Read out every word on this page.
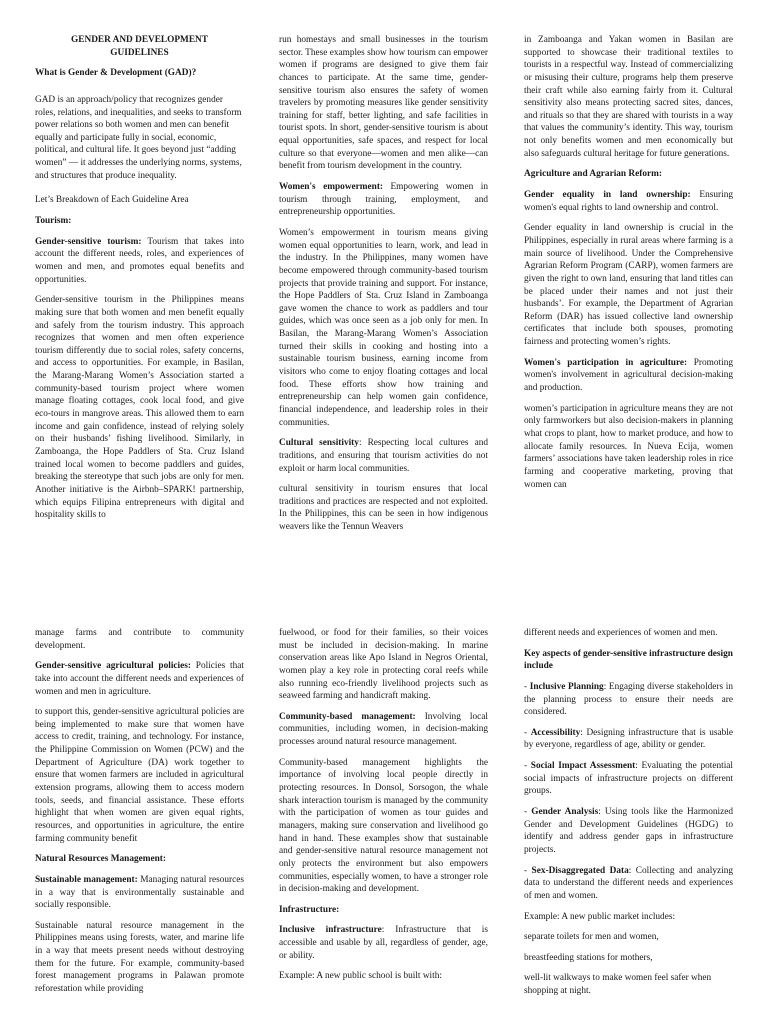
GENDER AND DEVELOPMENT
GUIDELINES

What is Gender & Development (GAD)?

GAD is an approach/policy that recognizes gender roles, relations, and inequalities, and seeks to transform power relations so both women and men can benefit equally and participate fully in social, economic, political, and cultural life. It goes beyond just “adding women” — it addresses the underlying norms, systems, and structures that produce inequality.

Let’s Breakdown of Each Guideline Area

Tourism:

Gender-sensitive tourism: Tourism that takes into account the different needs, roles, and experiences of women and men, and promotes equal benefits and opportunities.

Gender-sensitive tourism in the Philippines means making sure that both women and men benefit equally and safely from the tourism industry. This approach recognizes that women and men often experience tourism differently due to social roles, safety concerns, and access to opportunities. For example, in Basilan, the Marang-Marang Women’s Association started a community-based tourism project where women manage floating cottages, cook local food, and give eco-tours in mangrove areas. This allowed them to earn income and gain confidence, instead of relying solely on their husbands’ fishing livelihood. Similarly, in Zamboanga, the Hope Paddlers of Sta. Cruz Island trained local women to become paddlers and guides, breaking the stereotype that such jobs are only for men. Another initiative is the Airbnb–SPARK! partnership, which equips Filipina entrepreneurs with digital and hospitality skills to

run homestays and small businesses in the tourism sector. These examples show how tourism can empower women if programs are designed to give them fair chances to participate. At the same time, gender-sensitive tourism also ensures the safety of women travelers by promoting measures like gender sensitivity training for staff, better lighting, and safe facilities in tourist spots. In short, gender-sensitive tourism is about equal opportunities, safe spaces, and respect for local culture so that everyone—women and men alike—can benefit from tourism development in the country.

Women's empowerment: Empowering women in tourism through training, employment, and entrepreneurship opportunities.

Women’s empowerment in tourism means giving women equal opportunities to learn, work, and lead in the industry. In the Philippines, many women have become empowered through community-based tourism projects that provide training and support. For instance, the Hope Paddlers of Sta. Cruz Island in Zamboanga gave women the chance to work as paddlers and tour guides, which was once seen as a job only for men. In Basilan, the Marang-Marang Women’s Association turned their skills in cooking and hosting into a sustainable tourism business, earning income from visitors who come to enjoy floating cottages and local food. These efforts show how training and entrepreneurship can help women gain confidence, financial independence, and leadership roles in their communities.

Cultural sensitivity: Respecting local cultures and traditions, and ensuring that tourism activities do not exploit or harm local communities.

cultural sensitivity in tourism ensures that local traditions and practices are respected and not exploited. In the Philippines, this can be seen in how indigenous weavers like the Tennun Weavers

in Zamboanga and Yakan women in Basilan are supported to showcase their traditional textiles to tourists in a respectful way. Instead of commercializing or misusing their culture, programs help them preserve their craft while also earning fairly from it. Cultural sensitivity also means protecting sacred sites, dances, and rituals so that they are shared with tourists in a way that values the community’s identity. This way, tourism not only benefits women and men economically but also safeguards cultural heritage for future generations.

Agriculture and Agrarian Reform:

Gender equality in land ownership: Ensuring women's equal rights to land ownership and control.

Gender equality in land ownership is crucial in the Philippines, especially in rural areas where farming is a main source of livelihood. Under the Comprehensive Agrarian Reform Program (CARP), women farmers are given the right to own land, ensuring that land titles can be placed under their names and not just their husbands’. For example, the Department of Agrarian Reform (DAR) has issued collective land ownership certificates that include both spouses, promoting fairness and protecting women’s rights.

Women's participation in agriculture: Promoting women's involvement in agricultural decision-making and production.

women’s participation in agriculture means they are not only farmworkers but also decision-makers in planning what crops to plant, how to market produce, and how to allocate family resources. In Nueva Ecija, women farmers’ associations have taken leadership roles in rice farming and cooperative marketing, proving that women can

manage farms and contribute to community development.

Gender-sensitive agricultural policies: Policies that take into account the different needs and experiences of women and men in agriculture.

to support this, gender-sensitive agricultural policies are being implemented to make sure that women have access to credit, training, and technology. For instance, the Philippine Commission on Women (PCW) and the Department of Agriculture (DA) work together to ensure that women farmers are included in agricultural extension programs, allowing them to access modern tools, seeds, and financial assistance. These efforts highlight that when women are given equal rights, resources, and opportunities in agriculture, the entire farming community benefit

Natural Resources Management:

Sustainable management: Managing natural resources in a way that is environmentally sustainable and socially responsible.

Sustainable natural resource management in the Philippines means using forests, water, and marine life in a way that meets present needs without destroying them for the future. For example, community-based forest management programs in Palawan promote reforestation while providing

fuelwood, or food for their families, so their voices must be included in decision-making. In marine conservation areas like Apo Island in Negros Oriental, women play a key role in protecting coral reefs while also running eco-friendly livelihood projects such as seaweed farming and handicraft making.

Community-based management: Involving local communities, including women, in decision-making processes around natural resource management.

Community-based management highlights the importance of involving local people directly in protecting resources. In Donsol, Sorsogon, the whale shark interaction tourism is managed by the community with the participation of women as tour guides and managers, making sure conservation and livelihood go hand in hand. These examples show that sustainable and gender-sensitive natural resource management not only protects the environment but also empowers communities, especially women, to have a stronger role in decision-making and development.

Infrastructure:

Inclusive infrastructure: Infrastructure that is accessible and usable by all, regardless of gender, age, or ability.

Example: A new public school is built with:

different needs and experiences of women and men.

Key aspects of gender-sensitive infrastructure design include

- Inclusive Planning: Engaging diverse stakeholders in the planning process to ensure their needs are considered.

- Accessibility: Designing infrastructure that is usable by everyone, regardless of age, ability or gender.

- Social Impact Assessment: Evaluating the potential social impacts of infrastructure projects on different groups.

- Gender Analysis: Using tools like the Harmonized Gender and Development Guidelines (HGDG) to identify and address gender gaps in infrastructure projects.

- Sex-Disaggregated Data: Collecting and analyzing data to understand the different needs and experiences of men and women.

Example: A new public market includes:

separate toilets for men and women,

breastfeeding stations for mothers,

well-lit walkways to make women feel safer when shopping at night.
